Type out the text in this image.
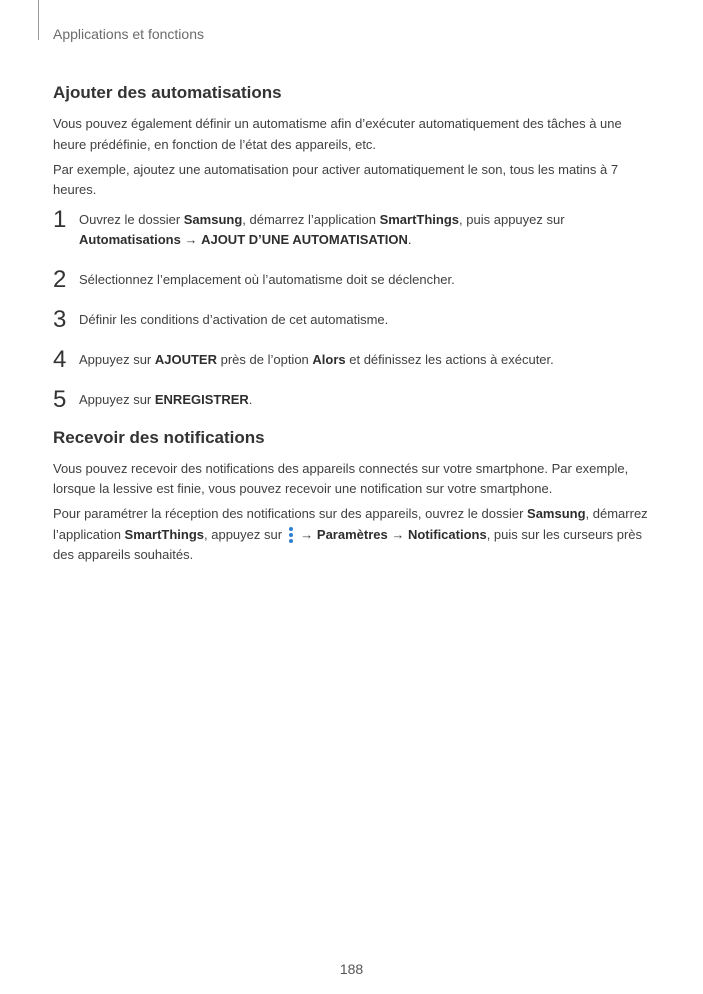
Applications et fonctions
Ajouter des automatisations

Vous pouvez également définir un automatisme afin d’exécuter automatiquement des tâches à une heure prédéfinie, en fonction de l’état des appareils, etc.

Par exemple, ajoutez une automatisation pour activer automatiquement le son, tous les matins à 7 heures.

1 Ouvrez le dossier Samsung, démarrez l’application SmartThings, puis appuyez sur
Automatisations → AJOUT D’UNE AUTOMATISATION.

2 Sélectionnez l’emplacement où l’automatisme doit se déclencher.

3 Définir les conditions d’activation de cet automatisme.

4 Appuyez sur AJOUTER près de l’option Alors et définissez les actions à exécuter.

5 Appuyez sur ENREGISTRER.

Recevoir des notifications

Vous pouvez recevoir des notifications des appareils connectés sur votre smartphone. Par exemple, lorsque la lessive est finie, vous pouvez recevoir une notification sur votre smartphone.

Pour paramétrer la réception des notifications sur des appareils, ouvrez le dossier Samsung, démarrez l’application SmartThings, appuyez sur
→ Paramètres → Notifications, puis sur les curseurs près des appareils souhaités.

188
